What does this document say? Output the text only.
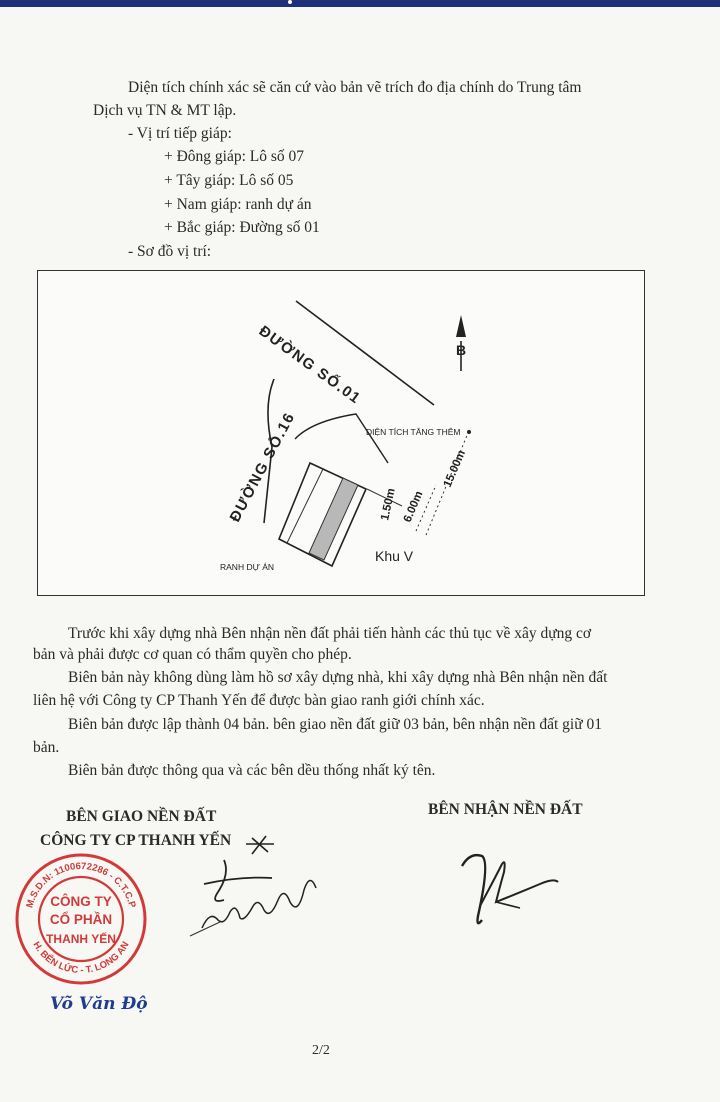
Diện tích chính xác sẽ căn cứ vào bản vẽ trích đo địa chính do Trung tâm
Dịch vụ TN & MT lập.
- Vị trí tiếp giáp:
+ Đông giáp: Lô số 07
+ Tây giáp: Lô số 05
+ Nam giáp: ranh dự án
+ Bắc giáp: Đường số 01
- Sơ đồ vị trí:
B
ĐƯỜNG SỐ.01
ĐƯỜNG SỐ.16	DIỆN TÍCH TĂNG THÊM
15.00m
6.00m
1.50m
Khu V
RANH DỰ ÁN

Trước khi xây dựng nhà Bên nhận nền đất phải tiến hành các thủ tục về xây dựng cơ

bản và phải được cơ quan có thẩm quyền cho phép.
Biên bản này không dùng làm hồ sơ xây dựng nhà, khi xây dựng nhà Bên nhận nền đất
liên hệ với Công ty CP Thanh Yến để được bàn giao ranh giới chính xác.
Biên bản được lập thành 04 bản. bên giao nền đất giữ 03 bản, bên nhận nền đất giữ 01
bản.
Biên bản được thông qua và các bên dều thống nhất ký tên.
BÊN GIAO NỀN ĐẤT
CÔNG TY CP THANH YẾN
BÊN NHẬN NỀN ĐẤT
M.S.D.N: 1100672286 - C.T.C.P
H. BẾN LỨC - T. LONG AN
CÔNG TY
CỔ PHẦN
THANH YẾN
Võ Văn Độ
2/2
